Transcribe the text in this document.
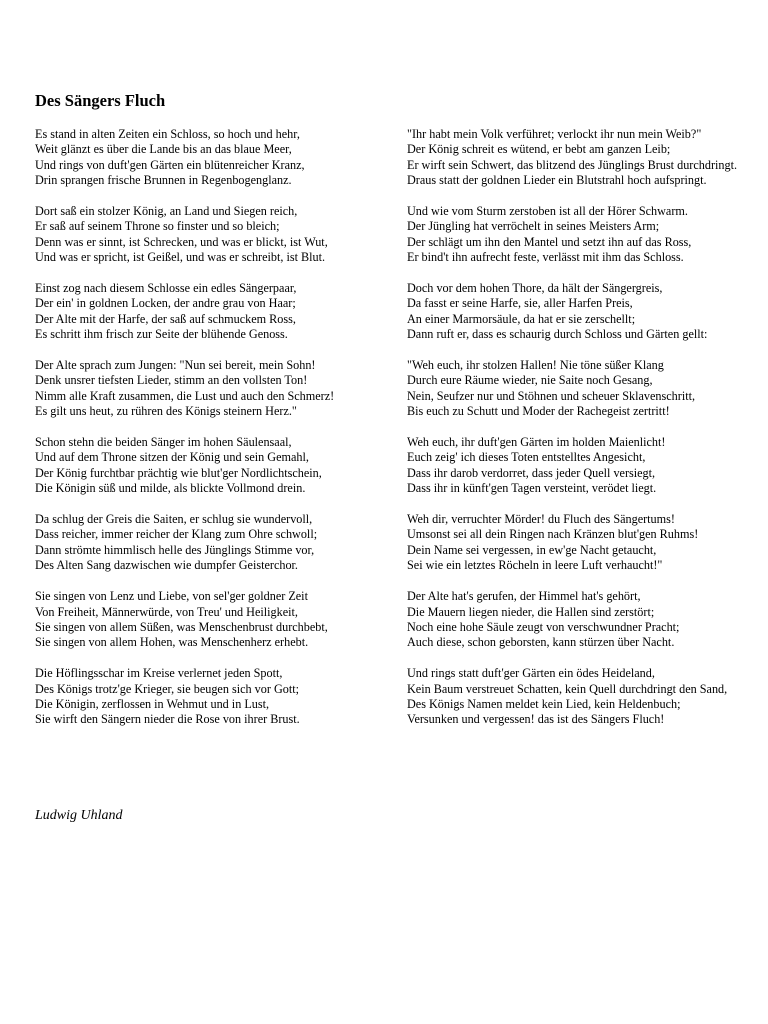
Des Sängers Fluch

Es stand in alten Zeiten ein Schloss, so hoch und hehr,
Weit glänzt es über die Lande bis an das blaue Meer,
Und rings von duft'gen Gärten ein blütenreicher Kranz,
Drin sprangen frische Brunnen in Regenbogenglanz.

Dort saß ein stolzer König, an Land und Siegen reich,
Er saß auf seinem Throne so finster und so bleich;
Denn was er sinnt, ist Schrecken, und was er blickt, ist Wut,
Und was er spricht, ist Geißel, und was er schreibt, ist Blut.

Einst zog nach diesem Schlosse ein edles Sängerpaar,
Der ein' in goldnen Locken, der andre grau von Haar;
Der Alte mit der Harfe, der saß auf schmuckem Ross,
Es schritt ihm frisch zur Seite der blühende Genoss.

Der Alte sprach zum Jungen: "Nun sei bereit, mein Sohn!
Denk unsrer tiefsten Lieder, stimm an den vollsten Ton!
Nimm alle Kraft zusammen, die Lust und auch den Schmerz!
Es gilt uns heut, zu rühren des Königs steinern Herz."

Schon stehn die beiden Sänger im hohen Säulensaal,
Und auf dem Throne sitzen der König und sein Gemahl,
Der König furchtbar prächtig wie blut'ger Nordlichtschein,
Die Königin süß und milde, als blickte Vollmond drein.

Da schlug der Greis die Saiten, er schlug sie wundervoll,
Dass reicher, immer reicher der Klang zum Ohre schwoll;
Dann strömte himmlisch helle des Jünglings Stimme vor,
Des Alten Sang dazwischen wie dumpfer Geisterchor.

Sie singen von Lenz und Liebe, von sel'ger goldner Zeit
Von Freiheit, Männerwürde, von Treu' und Heiligkeit,
Sie singen von allem Süßen, was Menschenbrust durchbebt,
Sie singen von allem Hohen, was Menschenherz erhebt.

Die Höflingsschar im Kreise verlernet jeden Spott,
Des Königs trotz'ge Krieger, sie beugen sich vor Gott;
Die Königin, zerflossen in Wehmut und in Lust,
Sie wirft den Sängern nieder die Rose von ihrer Brust.

"Ihr habt mein Volk verführet; verlockt ihr nun mein Weib?"
Der König schreit es wütend, er bebt am ganzen Leib;
Er wirft sein Schwert, das blitzend des Jünglings Brust durchdringt.
Draus statt der goldnen Lieder ein Blutstrahl hoch aufspringt.

Und wie vom Sturm zerstoben ist all der Hörer Schwarm.
Der Jüngling hat verröchelt in seines Meisters Arm;
Der schlägt um ihn den Mantel und setzt ihn auf das Ross,
Er bind't ihn aufrecht feste, verlässt mit ihm das Schloss.

Doch vor dem hohen Thore, da hält der Sängergreis,
Da fasst er seine Harfe, sie, aller Harfen Preis,
An einer Marmorsäule, da hat er sie zerschellt;
Dann ruft er, dass es schaurig durch Schloss und Gärten gellt:

"Weh euch, ihr stolzen Hallen! Nie töne süßer Klang
Durch eure Räume wieder, nie Saite noch Gesang,
Nein, Seufzer nur und Stöhnen und scheuer Sklavenschritt,
Bis euch zu Schutt und Moder der Rachegeist zertritt!

Weh euch, ihr duft'gen Gärten im holden Maienlicht!
Euch zeig' ich dieses Toten entstelltes Angesicht,
Dass ihr darob verdorret, dass jeder Quell versiegt,
Dass ihr in künft'gen Tagen versteint, verödet liegt.

Weh dir, verruchter Mörder! du Fluch des Sängertums!
Umsonst sei all dein Ringen nach Kränzen blut'gen Ruhms!
Dein Name sei vergessen, in ew'ge Nacht getaucht,
Sei wie ein letztes Röcheln in leere Luft verhaucht!"

Der Alte hat's gerufen, der Himmel hat's gehört,
Die Mauern liegen nieder, die Hallen sind zerstört;
Noch eine hohe Säule zeugt von verschwundner Pracht;
Auch diese, schon geborsten, kann stürzen über Nacht.

Und rings statt duft'ger Gärten ein ödes Heideland,
Kein Baum verstreuet Schatten, kein Quell durchdringt den Sand,
Des Königs Namen meldet kein Lied, kein Heldenbuch;
Versunken und vergessen! das ist des Sängers Fluch!

Ludwig Uhland
